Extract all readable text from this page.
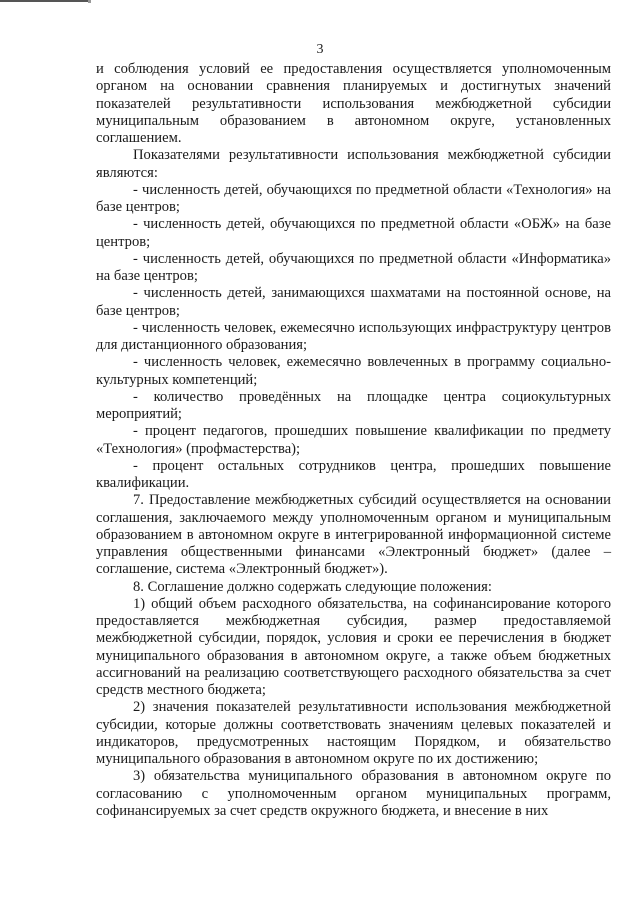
3

и соблюдения условий ее предоставления осуществляется уполномоченным органом на основании сравнения планируемых и достигнутых значений показателей результативности использования межбюджетной субсидии муниципальным образованием в автономном округе, установленных соглашением.

Показателями результативности использования межбюджетной субсидии являются:

- численность детей, обучающихся по предметной области «Технология» на базе центров;

- численность детей, обучающихся по предметной области «ОБЖ» на базе центров;

- численность детей, обучающихся по предметной области «Информатика» на базе центров;

- численность детей, занимающихся шахматами на постоянной основе, на базе центров;

- численность человек, ежемесячно использующих инфраструктуру центров для дистанционного образования;

- численность человек, ежемесячно вовлеченных в программу социально-культурных компетенций;

- количество проведённых на площадке центра социокультурных мероприятий;

- процент педагогов, прошедших повышение квалификации по предмету «Технология» (профмастерства);

- процент остальных сотрудников центра, прошедших повышение квалификации.

7. Предоставление межбюджетных субсидий осуществляется на основании соглашения, заключаемого между уполномоченным органом и муниципальным образованием в автономном округе в интегрированной информационной системе управления общественными финансами «Электронный бюджет» (далее – соглашение, система «Электронный бюджет»).

8. Соглашение должно содержать следующие положения:

1) общий объем расходного обязательства, на софинансирование которого предоставляется межбюджетная субсидия, размер предоставляемой межбюджетной субсидии, порядок, условия и сроки ее перечисления в бюджет муниципального образования в автономном округе, а также объем бюджетных ассигнований на реализацию соответствующего расходного обязательства за счет средств местного бюджета;

2) значения показателей результативности использования межбюджетной субсидии, которые должны соответствовать значениям целевых показателей и индикаторов, предусмотренных настоящим Порядком, и обязательство муниципального образования в автономном округе по их достижению;

3) обязательства муниципального образования в автономном округе по согласованию с уполномоченным органом муниципальных программ, софинансируемых за счет средств окружного бюджета, и внесение в них
